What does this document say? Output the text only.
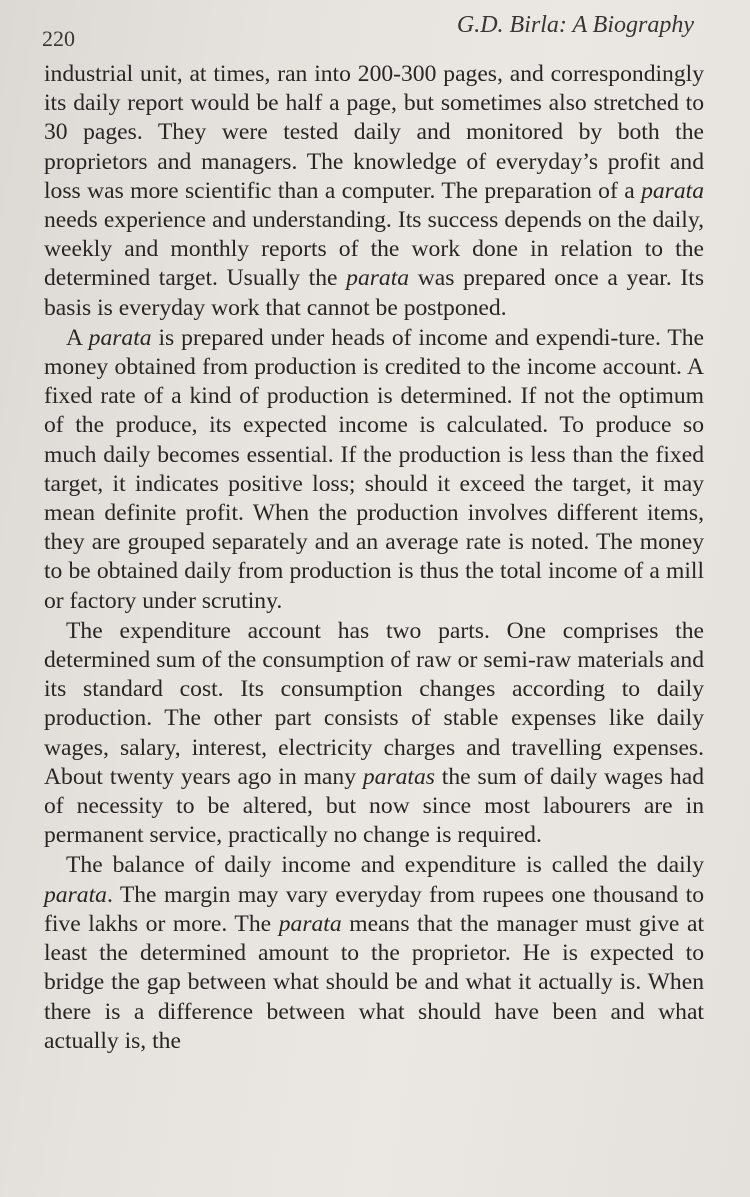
220
G.D. Birla: A Biography

industrial unit, at times, ran into 200-300 pages, and correspondingly its daily report would be half a page, but sometimes also stretched to 30 pages. They were tested daily and monitored by both the proprietors and managers. The knowledge of everyday’s profit and loss was more scientific than a computer. The preparation of a parata needs experience and understanding. Its success depends on the daily, weekly and monthly reports of the work done in relation to the determined target. Usually the parata was prepared once a year. Its basis is everyday work that cannot be postponed.

A parata is prepared under heads of income and expendi-ture. The money obtained from production is credited to the income account. A fixed rate of a kind of production is determined. If not the optimum of the produce, its expected income is calculated. To produce so much daily becomes essential. If the production is less than the fixed target, it indicates positive loss; should it exceed the target, it may mean definite profit. When the production involves different items, they are grouped separately and an average rate is noted. The money to be obtained daily from production is thus the total income of a mill or factory under scrutiny.

The expenditure account has two parts. One comprises the determined sum of the consumption of raw or semi-raw materials and its standard cost. Its consumption changes according to daily production. The other part consists of stable expenses like daily wages, salary, interest, electricity charges and travelling expenses. About twenty years ago in many paratas the sum of daily wages had of necessity to be altered, but now since most labourers are in permanent service, practically no change is required.

The balance of daily income and expenditure is called the daily parata. The margin may vary everyday from rupees one thousand to five lakhs or more. The parata means that the manager must give at least the determined amount to the proprietor. He is expected to bridge the gap between what should be and what it actually is. When there is a difference between what should have been and what actually is, the
